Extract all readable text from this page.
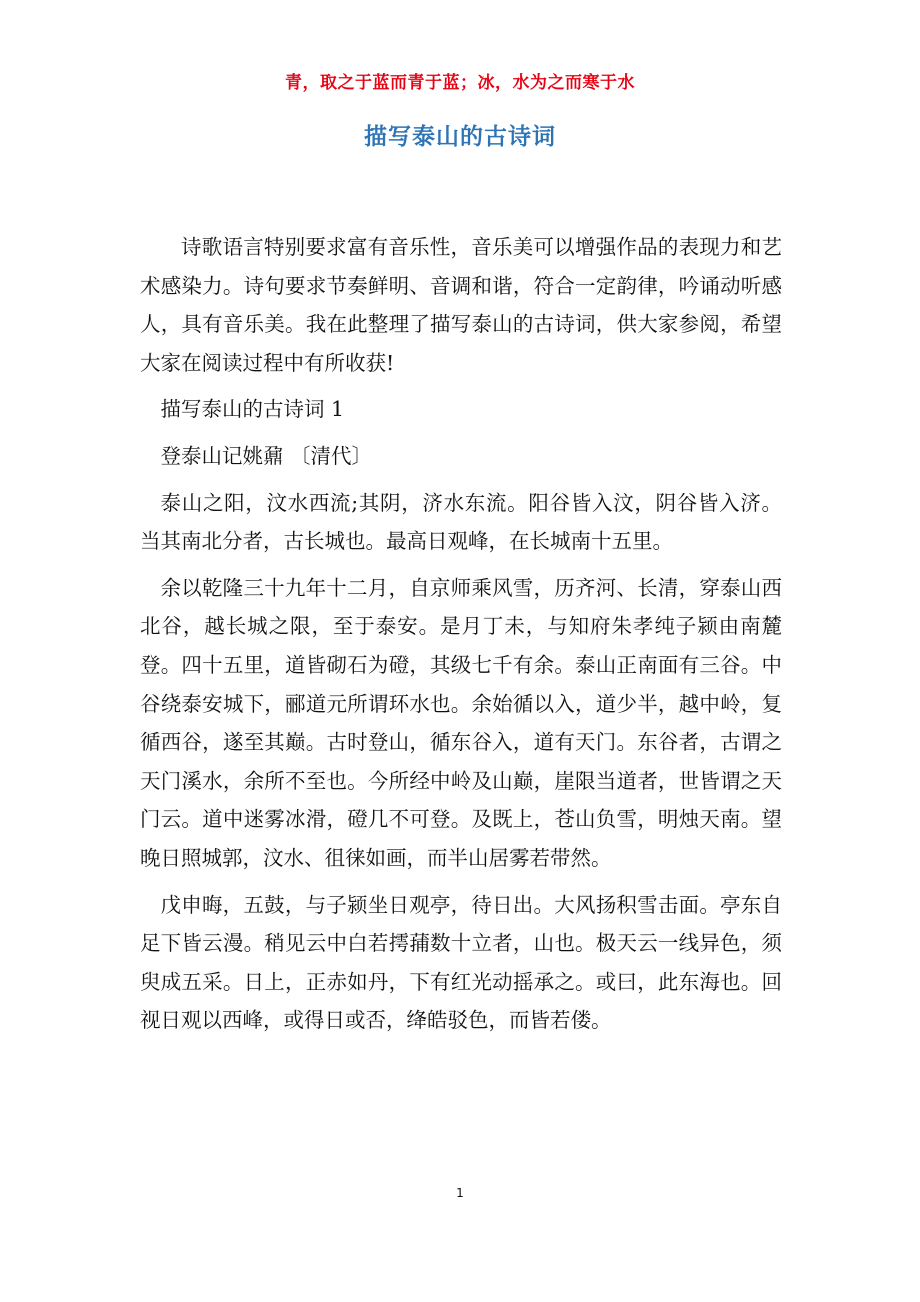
青，取之于蓝而青于蓝；冰，水为之而寒于水
描写泰山的古诗词

诗歌语言特别要求富有音乐性，音乐美可以增强作品的表现力和艺术感染力。诗句要求节奏鲜明、音调和谐，符合一定韵律，吟诵动听感人，具有音乐美。我在此整理了描写泰山的古诗词，供大家参阅，希望大家在阅读过程中有所收获!

描写泰山的古诗词 1

登泰山记姚鼐 〔清代〕

泰山之阳，汶水西流;其阴，济水东流。阳谷皆入汶，阴谷皆入济。当其南北分者，古长城也。最高日观峰，在长城南十五里。

余以乾隆三十九年十二月，自京师乘风雪，历齐河、长清，穿泰山西北谷，越长城之限，至于泰安。是月丁未，与知府朱孝纯子颍由南麓登。四十五里，道皆砌石为磴，其级七千有余。泰山正南面有三谷。中谷绕泰安城下，郦道元所谓环水也。余始循以入，道少半，越中岭，复循西谷，遂至其巅。古时登山，循东谷入，道有天门。东谷者，古谓之天门溪水，余所不至也。今所经中岭及山巅，崖限当道者，世皆谓之天门云。道中迷雾冰滑，磴几不可登。及既上，苍山负雪，明烛天南。望晚日照城郭，汶水、徂徕如画，而半山居雾若带然。

戊申晦，五鼓，与子颍坐日观亭，待日出。大风扬积雪击面。亭东自足下皆云漫。稍见云中白若摴蒱数十立者，山也。极天云一线异色，须臾成五采。日上，正赤如丹，下有红光动摇承之。或曰，此东海也。回视日观以西峰，或得日或否，绛皓驳色，而皆若偻。

1
